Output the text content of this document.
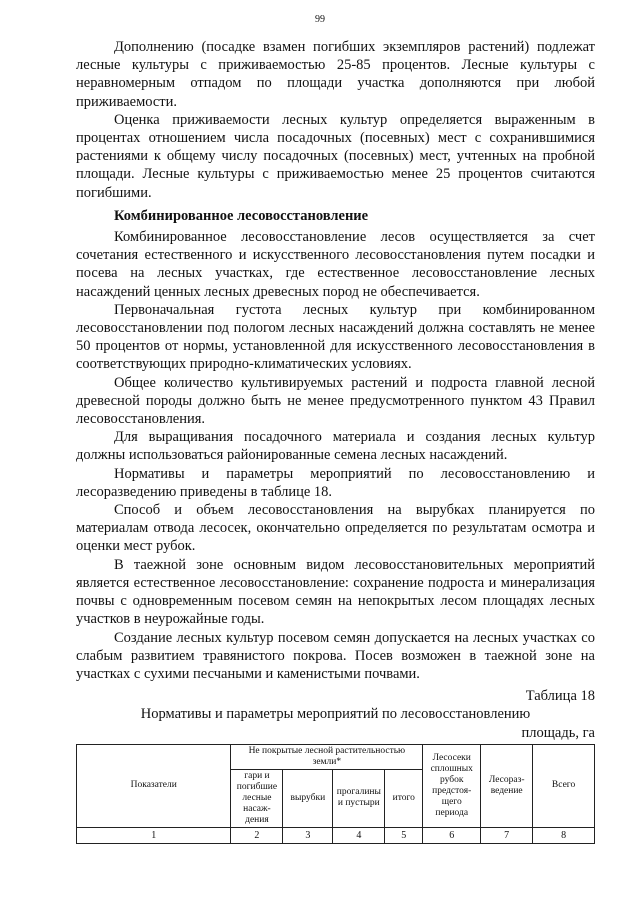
99

Дополнению (посадке взамен погибших экземпляров растений) подлежат лесные культуры с приживаемостью 25-85 процентов. Лесные культуры с неравномерным отпадом по площади участка дополняются при любой приживаемости.

Оценка приживаемости лесных культур определяется выраженным в процентах отношением числа посадочных (посевных) мест с сохранившимися растениями к общему числу посадочных (посевных) мест, учтенных на пробной площади. Лесные культуры с приживаемостью менее 25 процентов считаются погибшими.

Комбинированное лесовосстановление

Комбинированное лесовосстановление лесов осуществляется за счет сочетания естественного и искусственного лесовосстановления путем посадки и посева на лесных участках, где естественное лесовосстановление лесных насаждений ценных лесных древесных пород не обеспечивается.

Первоначальная густота лесных культур при комбинированном лесовосстановлении под пологом лесных насаждений должна составлять не менее 50 процентов от нормы, установленной для искусственного лесовосстановления в соответствующих природно-климатических условиях.

Общее количество культивируемых растений и подроста главной лесной древесной породы должно быть не менее предусмотренного пунктом 43 Правил лесовосстановления.

Для выращивания посадочного материала и создания лесных культур должны использоваться районированные семена лесных насаждений.

Нормативы и параметры мероприятий по лесовосстановлению и лесоразведению приведены в таблице 18.

Способ и объем лесовосстановления на вырубках планируется по материалам отвода лесосек, окончательно определяется по результатам осмотра и оценки мест рубок.

В таежной зоне основным видом лесовосстановительных мероприятий является естественное лесовосстановление: сохранение подроста и минерализация почвы с одновременным посевом семян на непокрытых лесом площадях лесных участков в неурожайные годы.

Создание лесных культур посевом семян допускается на лесных участках со слабым развитием травянистого покрова. Посев возможен в таежной зоне на участках с сухими песчаными и каменистыми почвами.

Таблица 18
Нормативы и параметры мероприятий по лесовосстановлению
площадь, га
Показатели	Не покрытые лесной растительностью земли*				Лесосеки сплошных рубок предстоя-щего периода	Лесораз-ведение	Всего
	гари и погибшие лесные насаж-дения	вырубки	прогалины и пустыри	итого			
1	2	3	4	5	6	7	8
